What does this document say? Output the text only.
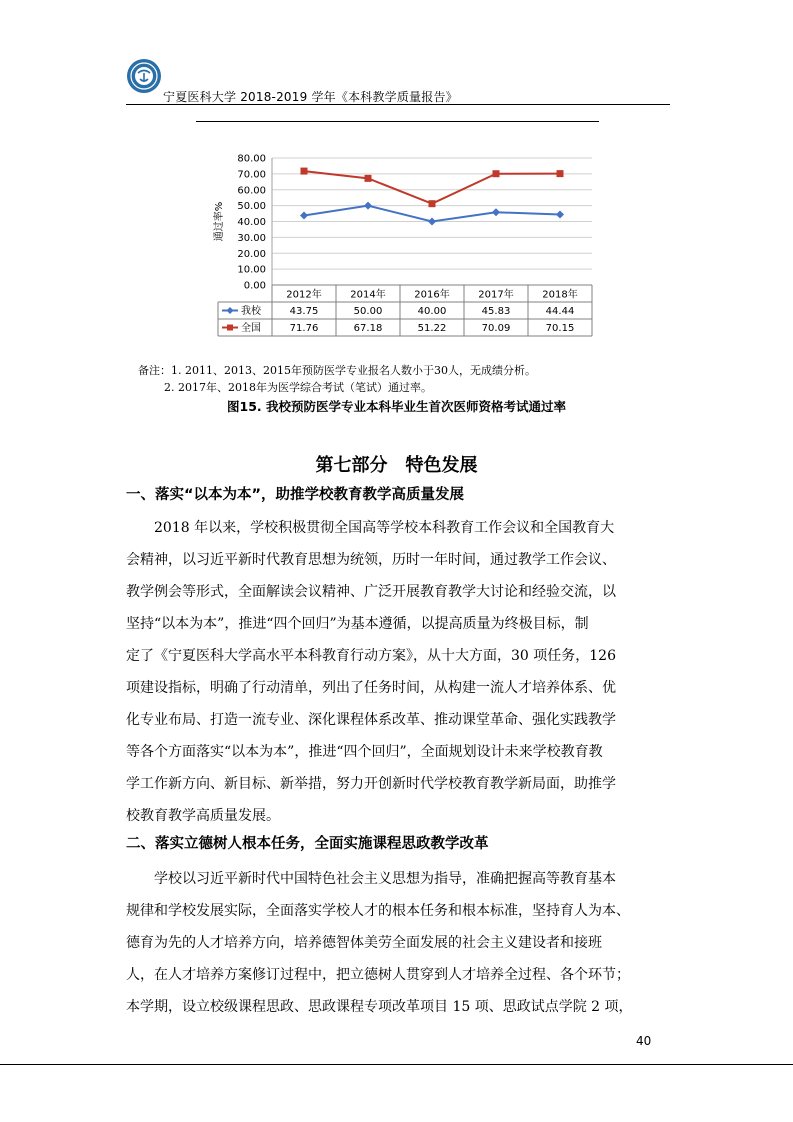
宁夏医科大学 2018-2019 学年《本科教学质量报告》
0.00
10.00
20.00
30.00
40.00
50.00
60.00
70.00
80.00
通过率%
2012年	2014年	2016年	2017年	2018年
我校	43.75	50.00	40.00	45.83	44.44
全国	71.76	67.18	51.22	70.09	70.15
备注：1. 2011、2013、2015年预防医学专业报名人数小于30人，无成绩分析。
2. 2017年、2018年为医学综合考试（笔试）通过率。
图15. 我校预防医学专业本科毕业生首次医师资格考试通过率
第七部分　特色发展
一、落实“以本为本”，助推学校教育教学高质量发展
　　2018 年以来，学校积极贯彻全国高等学校本科教育工作会议和全国教育大
会精神，以习近平新时代教育思想为统领，历时一年时间，通过教学工作会议、
教学例会等形式，全面解读会议精神、广泛开展教育教学大讨论和经验交流，以
坚持“以本为本”，推进“四个回归”为基本遵循，以提高质量为终极目标，制
定了《宁夏医科大学高水平本科教育行动方案》，从十大方面，30 项任务，126
项建设指标，明确了行动清单，列出了任务时间，从构建一流人才培养体系、优
化专业布局、打造一流专业、深化课程体系改革、推动课堂革命、强化实践教学
等各个方面落实“以本为本”，推进“四个回归”，全面规划设计未来学校教育教
学工作新方向、新目标、新举措，努力开创新时代学校教育教学新局面，助推学
校教育教学高质量发展。
二、落实立德树人根本任务，全面实施课程思政教学改革
　　学校以习近平新时代中国特色社会主义思想为指导，准确把握高等教育基本
规律和学校发展实际，全面落实学校人才的根本任务和根本标准，坚持育人为本、
德育为先的人才培养方向，培养德智体美劳全面发展的社会主义建设者和接班
人，在人才培养方案修订过程中，把立德树人贯穿到人才培养全过程、各个环节；
本学期，设立校级课程思政、思政课程专项改革项目 15 项、思政试点学院 2 项，
40
